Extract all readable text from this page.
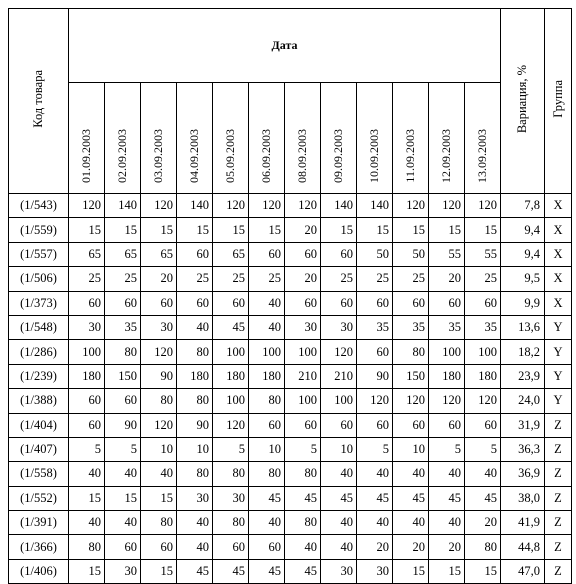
Код товара	Дата												Вариация, %	Группа
	01.09.2003	02.09.2003	03.09.2003	04.09.2003	05.09.2003	06.09.2003	08.09.2003	09.09.2003	10.09.2003	11.09.2003	12.09.2003	13.09.2003		
(1/543)	120	140	120	140	120	120	120	140	140	120	120	120	7,8	X
(1/559)	15	15	15	15	15	15	20	15	15	15	15	15	9,4	X
(1/557)	65	65	65	60	65	60	60	60	50	50	55	55	9,4	X
(1/506)	25	25	20	25	25	25	20	25	25	25	20	25	9,5	X
(1/373)	60	60	60	60	60	40	60	60	60	60	60	60	9,9	X
(1/548)	30	35	30	40	45	40	30	30	35	35	35	35	13,6	Y
(1/286)	100	80	120	80	100	100	100	120	60	80	100	100	18,2	Y
(1/239)	180	150	90	180	180	180	210	210	90	150	180	180	23,9	Y
(1/388)	60	60	80	80	100	80	100	100	120	120	120	120	24,0	Y
(1/404)	60	90	120	90	120	60	60	60	60	60	60	60	31,9	Z
(1/407)	5	5	10	10	5	10	5	10	5	10	5	5	36,3	Z
(1/558)	40	40	40	80	80	80	80	40	40	40	40	40	36,9	Z
(1/552)	15	15	15	30	30	45	45	45	45	45	45	45	38,0	Z
(1/391)	40	40	80	40	80	40	80	40	40	40	40	20	41,9	Z
(1/366)	80	60	60	40	60	60	40	40	20	20	20	80	44,8	Z
(1/406)	15	30	15	45	45	45	45	30	30	15	15	15	47,0	Z
